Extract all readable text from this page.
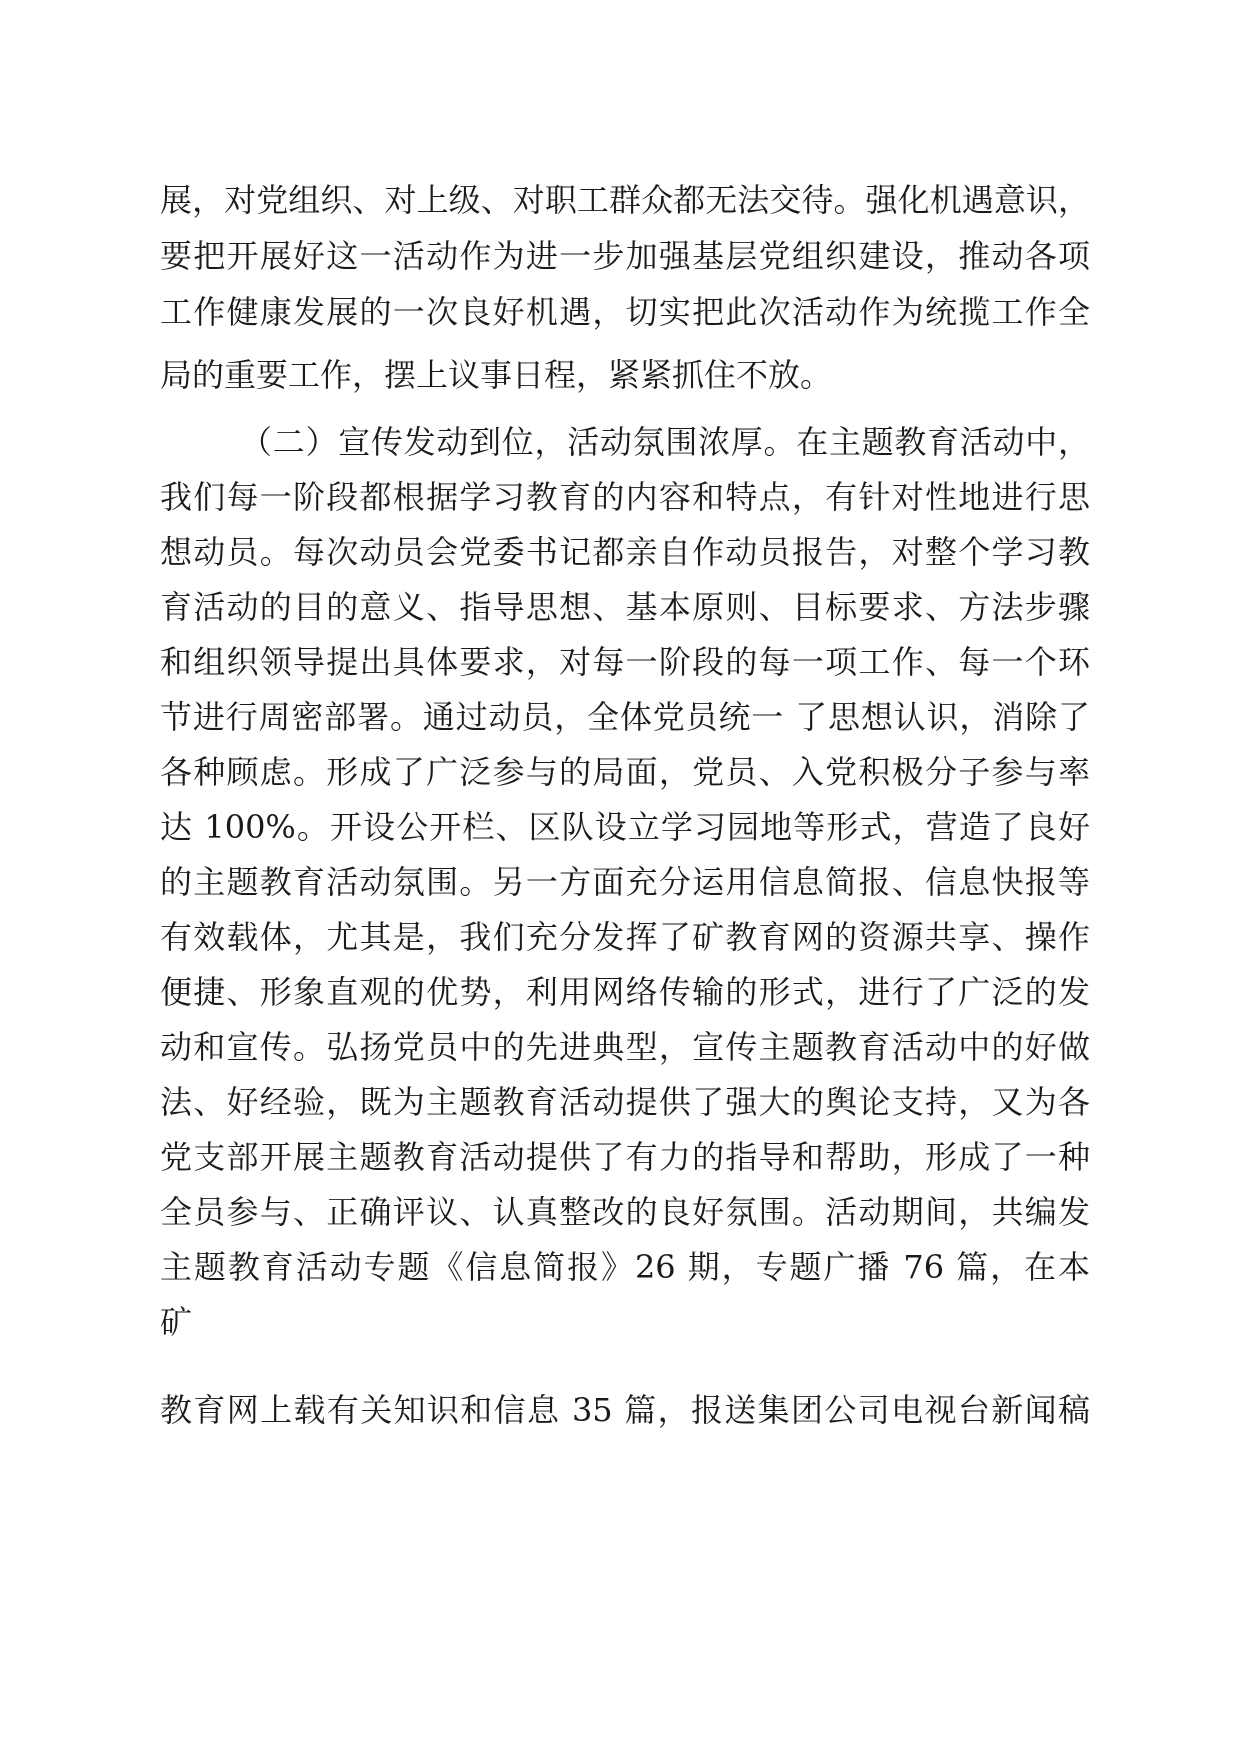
展，对党组织、对上级、对职工群众都无法交待。强化机遇意识，

要把开展好这一活动作为进一步加强基层党组织建设，推动各项

工作健康发展的一次良好机遇，切实把此次活动作为统揽工作全

局的重要工作，摆上议事日程，紧紧抓住不放。

（二）宣传发动到位，活动氛围浓厚。在主题教育活动中，

我们每一阶段都根据学习教育的内容和特点，有针对性地进行思

想动员。每次动员会党委书记都亲自作动员报告，对整个学习教

育活动的目的意义、指导思想、基本原则、目标要求、方法步骤

和组织领导提出具体要求，对每一阶段的每一项工作、每一个环

节进行周密部署。通过动员，全体党员统一 了思想认识，消除了

各种顾虑。形成了广泛参与的局面，党员、入党积极分子参与率

达 100%。开设公开栏、区队设立学习园地等形式，营造了良好

的主题教育活动氛围。另一方面充分运用信息简报、信息快报等

有效载体，尤其是，我们充分发挥了矿教育网的资源共享、操作

便捷、形象直观的优势，利用网络传输的形式，进行了广泛的发

动和宣传。弘扬党员中的先进典型，宣传主题教育活动中的好做

法、好经验，既为主题教育活动提供了强大的舆论支持，又为各

党支部开展主题教育活动提供了有力的指导和帮助，形成了一种

全员参与、正确评议、认真整改的良好氛围。活动期间，共编发

主题教育活动专题《信息简报》26 期，专题广播 76 篇，在本

矿

教育网上载有关知识和信息 35 篇，报送集团公司电视台新闻稿
